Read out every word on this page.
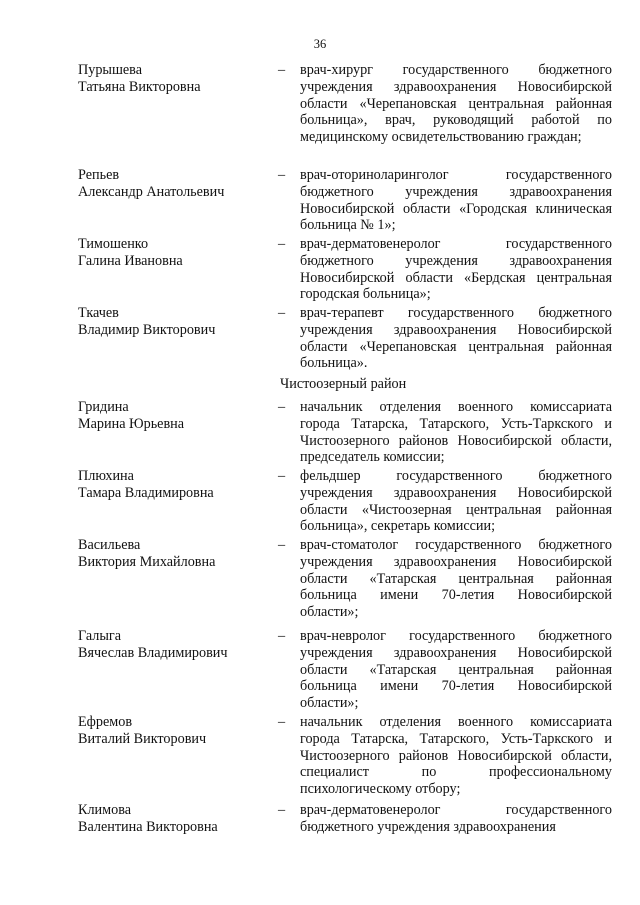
36
Пурышева
Татьяна Викторовна
– врач-хирург государственного бюджетного учреждения здравоохранения Новосибирской области «Черепановская центральная районная больница», врач, руководящий работой по медицинскому освидетельствованию граждан;
Репьев
Александр Анатольевич
– врач-оториноларинголог государственного бюджетного учреждения здравоохранения Новосибирской области «Городская клиническая больница № 1»;
Тимошенко
Галина Ивановна
– врач-дерматовенеролог государственного бюджетного учреждения здравоохранения Новосибирской области «Бердская центральная городская больница»;
Ткачев
Владимир Викторович
– врач-терапевт государственного бюджетного учреждения здравоохранения Новосибирской области «Черепановская центральная районная больница».
Чистоозерный район
Гридина
Марина Юрьевна
– начальник отделения военного комиссариата города Татарска, Татарского, Усть-Таркского и Чистоозерного районов Новосибирской области, председатель комиссии;
Плюхина
Тамара Владимировна
– фельдшер государственного бюджетного учреждения здравоохранения Новосибирской области «Чистоозерная центральная районная больница», секретарь комиссии;
Васильева
Виктория Михайловна
– врач-стоматолог государственного бюджетного учреждения здравоохранения Новосибирской области «Татарская центральная районная больница имени 70-летия Новосибирской области»;
Галыга
Вячеслав Владимирович
– врач-невролог государственного бюджетного учреждения здравоохранения Новосибирской области «Татарская центральная районная больница имени 70-летия Новосибирской области»;
Ефремов
Виталий Викторович
– начальник отделения военного комиссариата города Татарска, Татарского, Усть-Таркского и Чистоозерного районов Новосибирской области, специалист по профессиональному психологическому отбору;
Климова
Валентина Викторовна
– врач-дерматовенеролог государственного бюджетного учреждения здравоохранения
